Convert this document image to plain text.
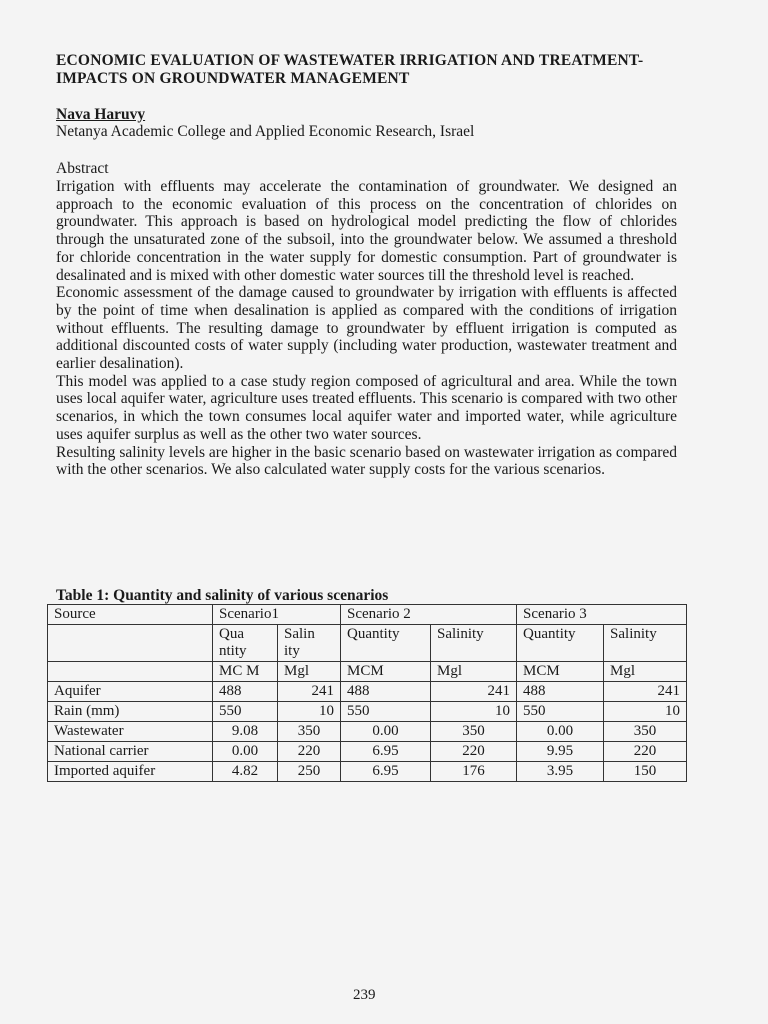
ECONOMIC EVALUATION OF WASTEWATER IRRIGATION AND TREATMENT- IMPACTS ON GROUNDWATER MANAGEMENT
Nava Haruvy
Netanya Academic College and Applied Economic Research, Israel
Abstract

Irrigation with effluents may accelerate the contamination of groundwater. We designed an approach to the economic evaluation of this process on the concentration of chlorides on groundwater. This approach is based on hydrological model predicting the flow of chlorides through the unsaturated zone of the subsoil, into the groundwater below. We assumed a threshold for chloride concentration in the water supply for domestic consumption. Part of groundwater is desalinated and is mixed with other domestic water sources till the threshold level is reached.

Economic assessment of the damage caused to groundwater by irrigation with effluents is affected by the point of time when desalination is applied as compared with the conditions of irrigation without effluents. The resulting damage to groundwater by effluent irrigation is computed as additional discounted costs of water supply (including water production, wastewater treatment and earlier desalination).

This model was applied to a case study region composed of agricultural and area. While the town uses local aquifer water, agriculture uses treated effluents. This scenario is compared with two other scenarios, in which the town consumes local aquifer water and imported water, while agriculture uses aquifer surplus as well as the other two water sources.

Resulting salinity levels are higher in the basic scenario based on wastewater irrigation as compared with the other scenarios. We also calculated water supply costs for the various scenarios.

Table 1: Quantity and salinity of various scenarios
Source	Scenario1		Scenario 2		Scenario 3	
	Qua ntity	Salin ity	Quantity	Salinity	Quantity	Salinity
	MC M	Mgl	MCM	Mgl	MCM	Mgl
Aquifer	488	241	488	241	488	241
Rain (mm)	550	10	550	10	550	10
Wastewater	9.08	350	0.00	350	0.00	350
National carrier	0.00	220	6.95	220	9.95	220
Imported aquifer	4.82	250	6.95	176	3.95	150
239
